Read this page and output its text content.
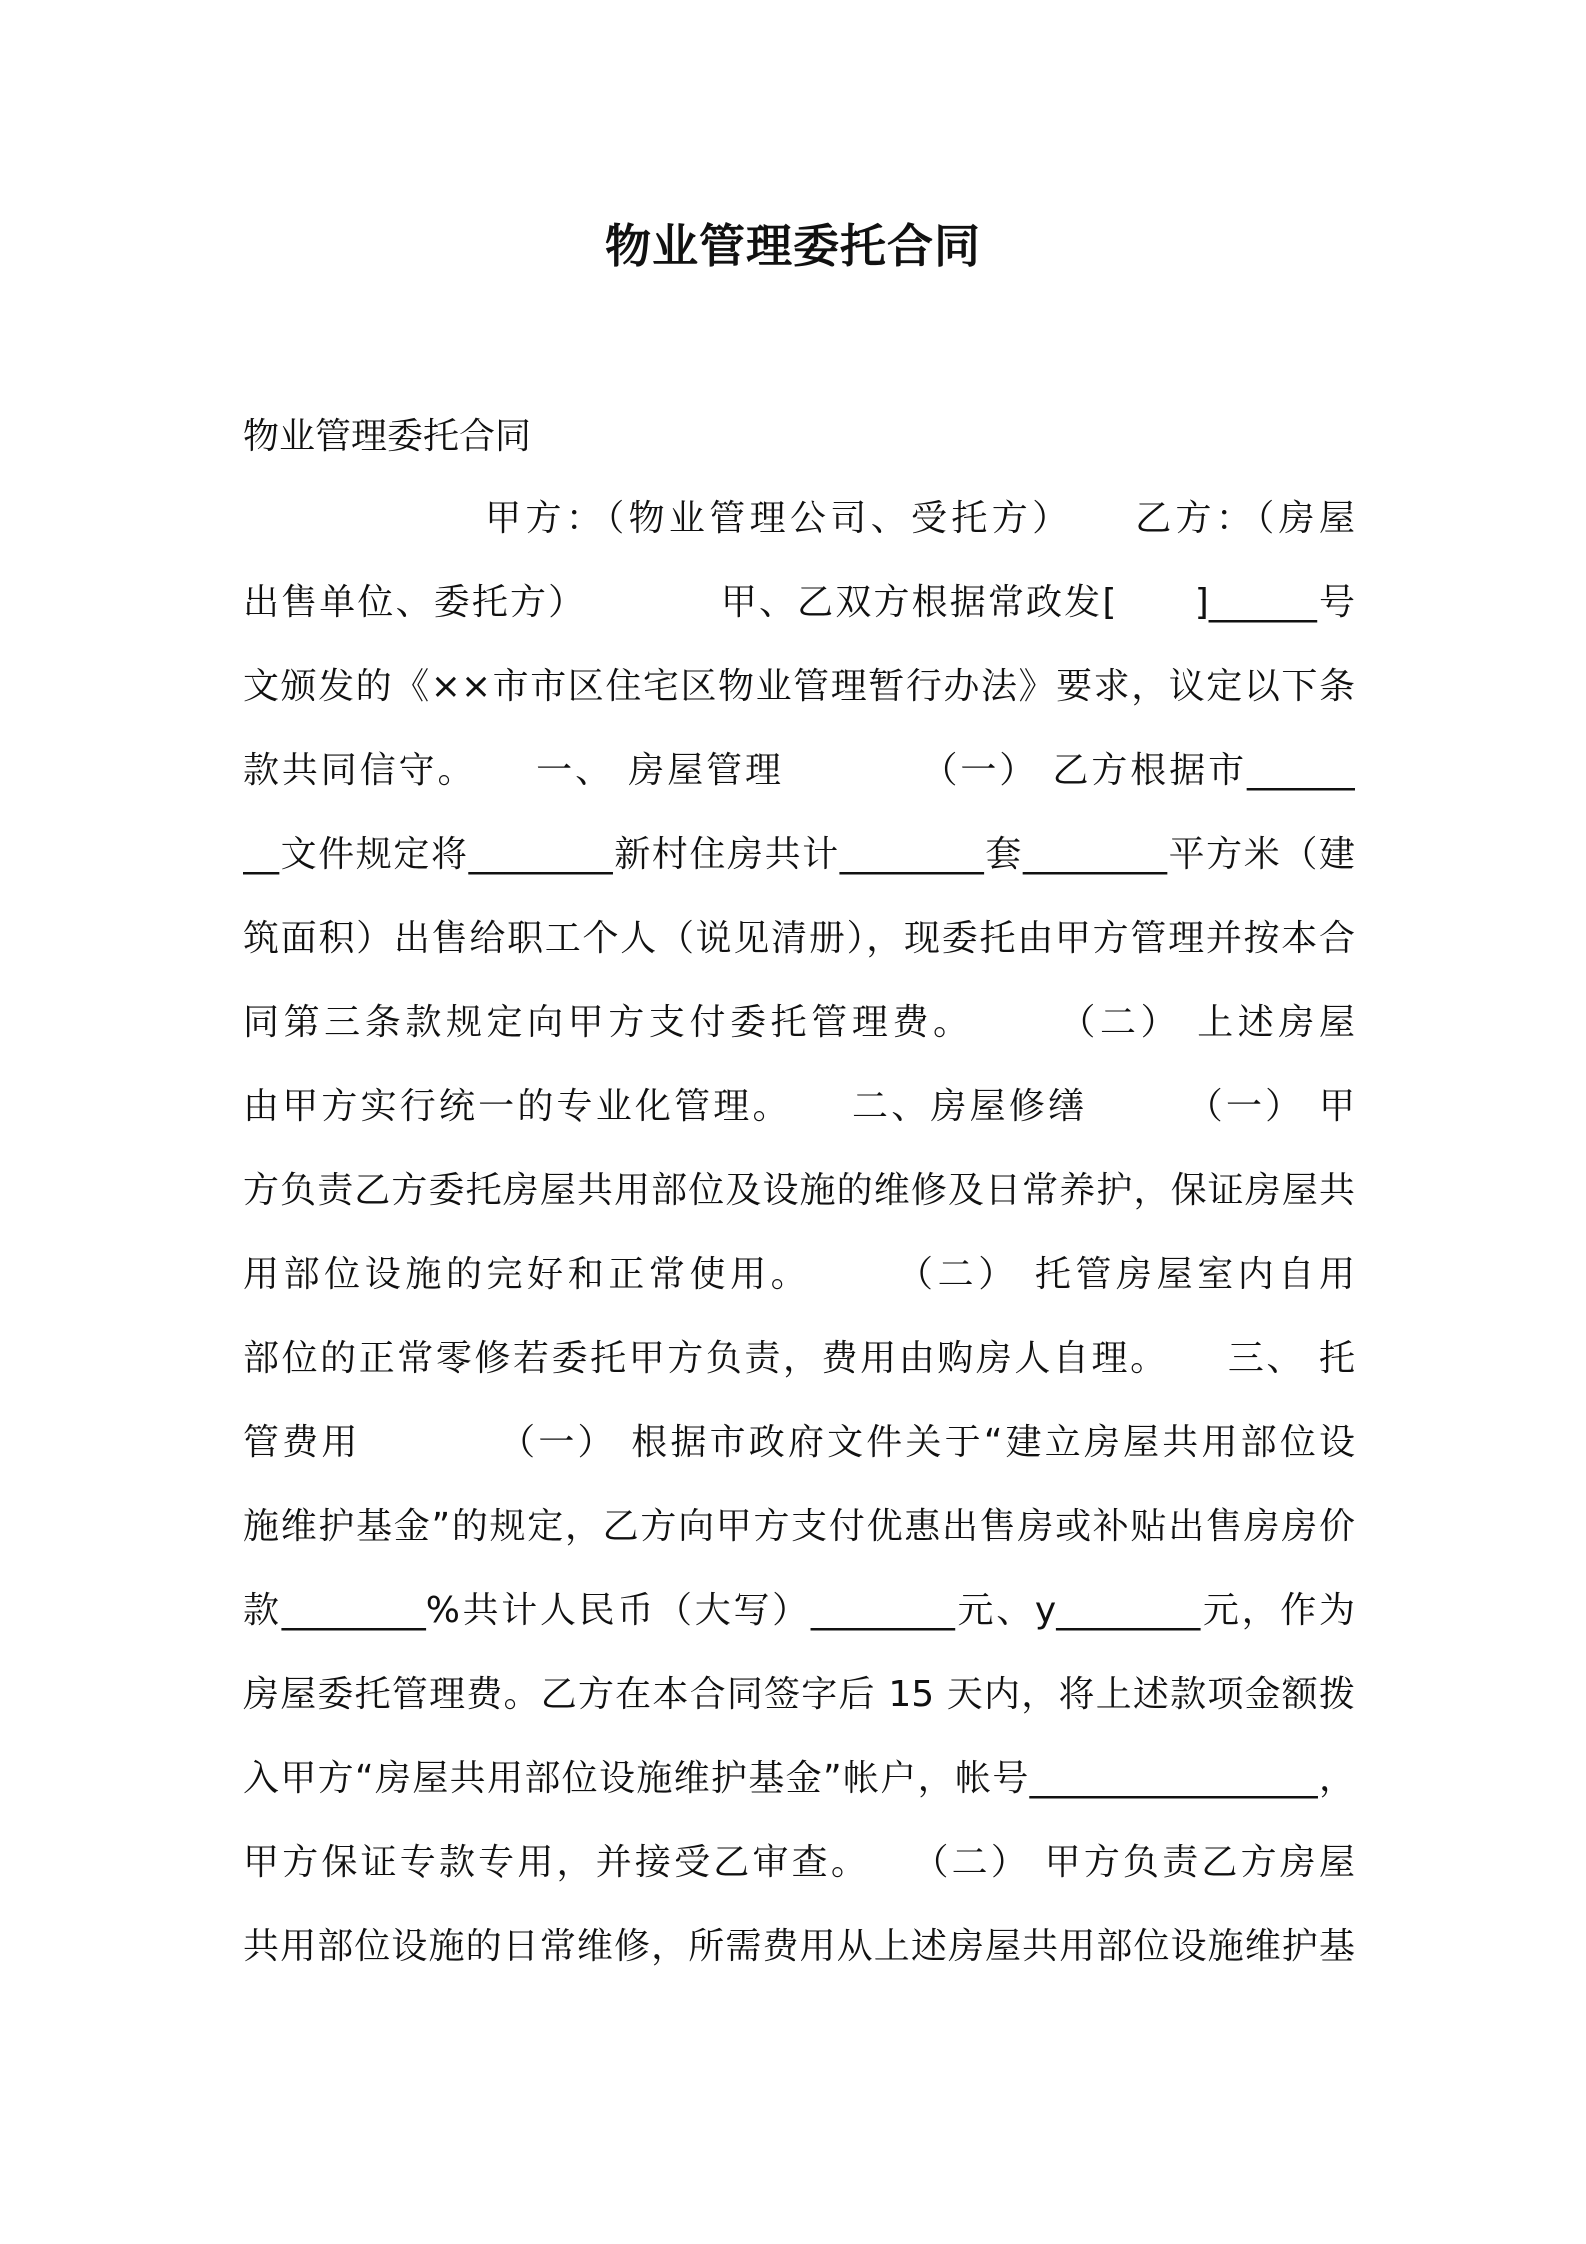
物业管理委托合同

物业管理委托合同

　　　　　　甲方：（物业管理公司、受托方）　　乙方：（房屋

出售单位、委托方）　　　　甲、乙双方根据常政发[　　]______号

文颁发的《××市市区住宅区物业管理暂行办法》要求，议定以下条

款共同信守。　　一、 房屋管理　　　　（一） 乙方根据市______

__文件规定将________新村住房共计________套________平方米（建

筑面积）出售给职工个人（说见清册），现委托由甲方管理并按本合

同第三条款规定向甲方支付委托管理费。　　　（二） 上述房屋

由甲方实行统一的专业化管理。　　二、房屋修缮　　　（一） 甲

方负责乙方委托房屋共用部位及设施的维修及日常养护，保证房屋共

用部位设施的完好和正常使用。　　　（二） 托管房屋室内自用

部位的正常零修若委托甲方负责，费用由购房人自理。　　三、 托

管费用　　　　（一） 根据市政府文件关于“建立房屋共用部位设

施维护基金”的规定，乙方向甲方支付优惠出售房或补贴出售房房价

款________%共计人民币（大写）________元、y________元，作为

房屋委托管理费。乙方在本合同签字后 15 天内，将上述款项金额拨

入甲方“房屋共用部位设施维护基金”帐户，帐号________________，

甲方保证专款专用，并接受乙审查。　　（二） 甲方负责乙方房屋

共用部位设施的日常维修，所需费用从上述房屋共用部位设施维护基
